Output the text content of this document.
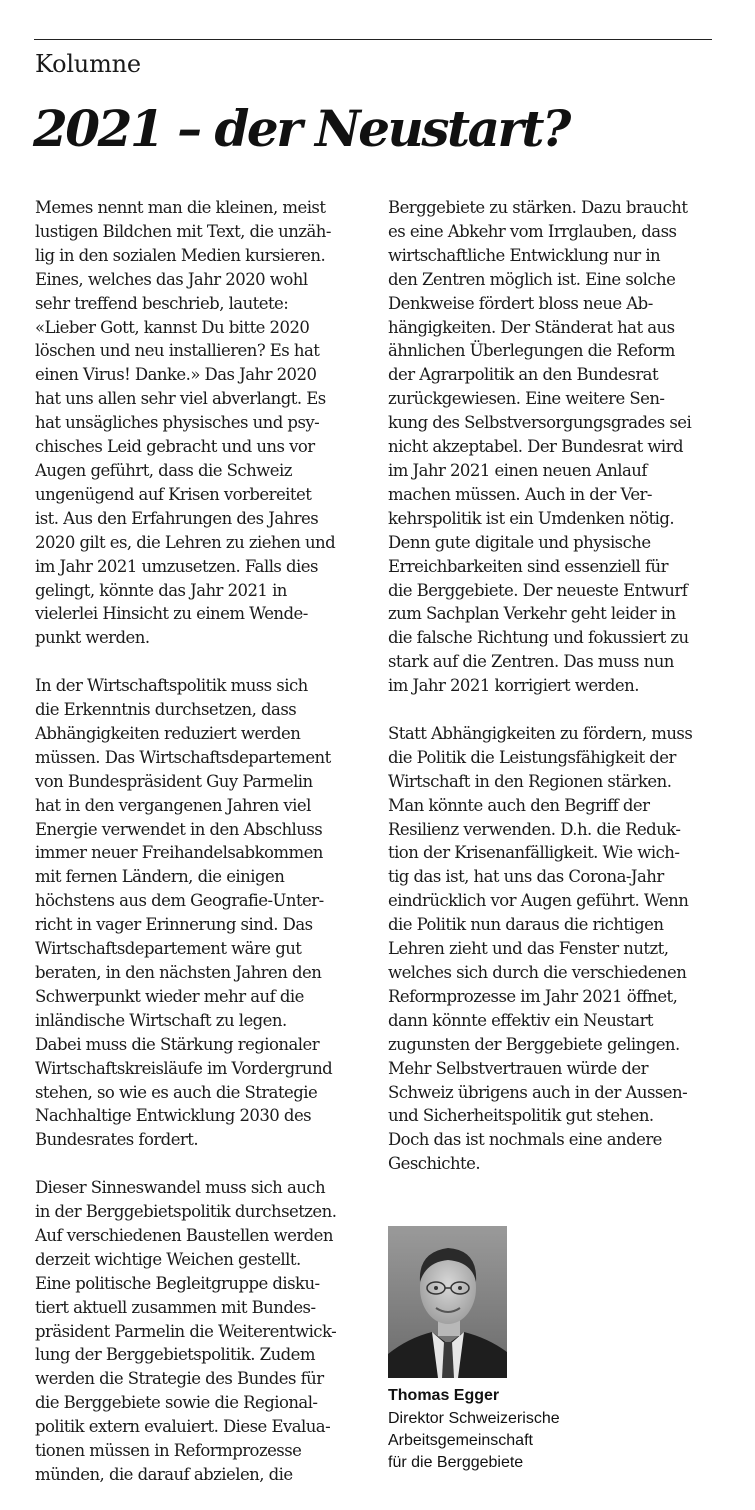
Kolumne
2021 – der Neustart?

Memes nennt man die kleinen, meist
lustigen Bildchen mit Text, die unzäh-
lig in den sozialen Medien kursieren.
Eines, welches das Jahr 2020 wohl
sehr treffend beschrieb, lautete:
«Lieber Gott, kannst Du bitte 2020
löschen und neu installieren? Es hat
einen Virus! Danke.» Das Jahr 2020
hat uns allen sehr viel abverlangt. Es
hat unsägliches physisches und psy-
chisches Leid gebracht und uns vor
Augen geführt, dass die Schweiz
ungenügend auf Krisen vorbereitet
ist. Aus den Erfahrungen des Jahres
2020 gilt es, die Lehren zu ziehen und
im Jahr 2021 umzusetzen. Falls dies
gelingt, könnte das Jahr 2021 in
vielerlei Hinsicht zu einem Wende-
punkt werden.

In der Wirtschaftspolitik muss sich
die Erkenntnis durchsetzen, dass
Abhängigkeiten reduziert werden
müssen. Das Wirtschaftsdepartement
von Bundespräsident Guy Parmelin
hat in den vergangenen Jahren viel
Energie verwendet in den Abschluss
immer neuer Freihandelsabkommen
mit fernen Ländern, die einigen
höchstens aus dem Geografie-Unter-
richt in vager Erinnerung sind. Das
Wirtschaftsdepartement wäre gut
beraten, in den nächsten Jahren den
Schwerpunkt wieder mehr auf die
inländische Wirtschaft zu legen.
Dabei muss die Stärkung regionaler
Wirtschaftskreisläufe im Vordergrund
stehen, so wie es auch die Strategie
Nachhaltige Entwicklung 2030 des
Bundesrates fordert.

Dieser Sinneswandel muss sich auch
in der Berggebietspolitik durchsetzen.
Auf verschiedenen Baustellen werden
derzeit wichtige Weichen gestellt.
Eine politische Begleitgruppe disku-
tiert aktuell zusammen mit Bundes-
präsident Parmelin die Weiterentwick-
lung der Berggebietspolitik. Zudem
werden die Strategie des Bundes für
die Berggebiete sowie die Regional-
politik extern evaluiert. Diese Evalua-
tionen müssen in Reformprozesse
münden, die darauf abzielen, die

Berggebiete zu stärken. Dazu braucht
es eine Abkehr vom Irrglauben, dass
wirtschaftliche Entwicklung nur in
den Zentren möglich ist. Eine solche
Denkweise fördert bloss neue Ab-
hängigkeiten. Der Ständerat hat aus
ähnlichen Überlegungen die Reform
der Agrarpolitik an den Bundesrat
zurückgewiesen. Eine weitere Sen-
kung des Selbstversorgungsgrades sei
nicht akzeptabel. Der Bundesrat wird
im Jahr 2021 einen neuen Anlauf
machen müssen. Auch in der Ver-
kehrspolitik ist ein Umdenken nötig.
Denn gute digitale und physische
Erreichbarkeiten sind essenziell für
die Berggebiete. Der neueste Entwurf
zum Sachplan Verkehr geht leider in
die falsche Richtung und fokussiert zu
stark auf die Zentren. Das muss nun
im Jahr 2021 korrigiert werden.

Statt Abhängigkeiten zu fördern, muss
die Politik die Leistungsfähigkeit der
Wirtschaft in den Regionen stärken.
Man könnte auch den Begriff der
Resilienz verwenden. D.h. die Reduk-
tion der Krisenanfälligkeit. Wie wich-
tig das ist, hat uns das Corona-Jahr
eindrücklich vor Augen geführt. Wenn
die Politik nun daraus die richtigen
Lehren zieht und das Fenster nutzt,
welches sich durch die verschiedenen
Reformprozesse im Jahr 2021 öffnet,
dann könnte effektiv ein Neustart
zugunsten der Berggebiete gelingen.
Mehr Selbstvertrauen würde der
Schweiz übrigens auch in der Aussen-
und Sicherheitspolitik gut stehen.
Doch das ist nochmals eine andere
Geschichte.

Thomas Egger
Direktor Schweizerische
Arbeitsgemeinschaft
für die Berggebiete
